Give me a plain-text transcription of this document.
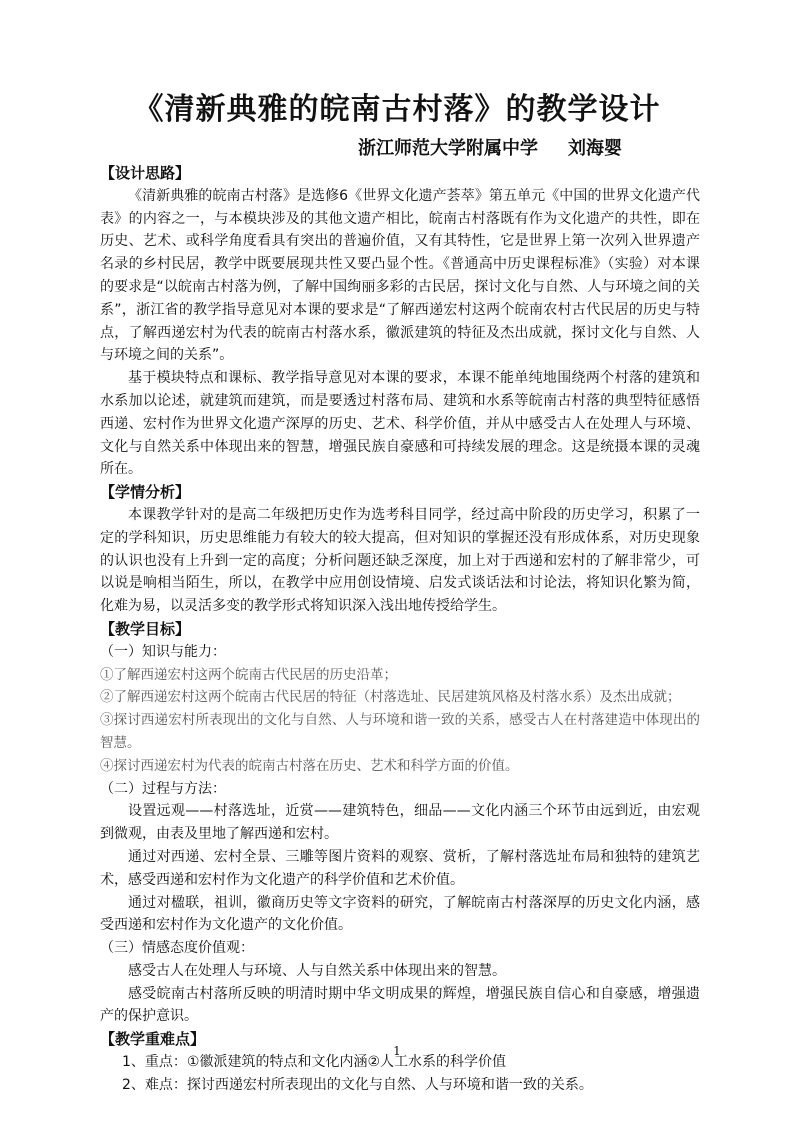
《清新典雅的皖南古村落》的教学设计
浙江师范大学附属中学 刘海婴

【设计思路】

《清新典雅的皖南古村落》是选修6《世界文化遗产荟萃》第五单元《中国的世界文化遗产代表》的内容之一，与本模块涉及的其他文遗产相比，皖南古村落既有作为文化遗产的共性，即在历史、艺术、或科学角度看具有突出的普遍价值，又有其特性，它是世界上第一次列入世界遗产名录的乡村民居，教学中既要展现共性又要凸显个性。《普通高中历史课程标准》（实验）对本课的要求是“以皖南古村落为例，了解中国绚丽多彩的古民居，探讨文化与自然、人与环境之间的关系”，浙江省的教学指导意见对本课的要求是“了解西递宏村这两个皖南农村古代民居的历史与特点，了解西递宏村为代表的皖南古村落水系，徽派建筑的特征及杰出成就，探讨文化与自然、人与环境之间的关系”。

基于模块特点和课标、教学指导意见对本课的要求，本课不能单纯地围绕两个村落的建筑和水系加以论述，就建筑而建筑，而是要透过村落布局、建筑和水系等皖南古村落的典型特征感悟西递、宏村作为世界文化遗产深厚的历史、艺术、科学价值，并从中感受古人在处理人与环境、文化与自然关系中体现出来的智慧，增强民族自豪感和可持续发展的理念。这是统摄本课的灵魂所在。

【学情分析】

本课教学针对的是高二年级把历史作为选考科目同学，经过高中阶段的历史学习，积累了一定的学科知识，历史思维能力有较大的较大提高，但对知识的掌握还没有形成体系，对历史现象的认识也没有上升到一定的高度；分析问题还缺乏深度，加上对于西递和宏村的了解非常少，可以说是响相当陌生，所以，在教学中应用创设情境、启发式谈话法和讨论法，将知识化繁为简，化难为易，以灵活多变的教学形式将知识深入浅出地传授给学生。

【教学目标】

（一）知识与能力：

①了解西递宏村这两个皖南古代民居的历史沿革；

②了解西递宏村这两个皖南古代民居的特征（村落选址、民居建筑风格及村落水系）及杰出成就；

③探讨西递宏村所表现出的文化与自然、人与环境和谐一致的关系，感受古人在村落建造中体现出的智慧。

④探讨西递宏村为代表的皖南古村落在历史、艺术和科学方面的价值。

（二）过程与方法：

设置远观——村落选址，近赏——建筑特色，细品——文化内涵三个环节由远到近，由宏观到微观，由表及里地了解西递和宏村。

通过对西递、宏村全景、三雕等图片资料的观察、赏析，了解村落选址布局和独特的建筑艺术，感受西递和宏村作为文化遗产的科学价值和艺术价值。

通过对楹联，祖训，徽商历史等文字资料的研究，了解皖南古村落深厚的历史文化内涵，感受西递和宏村作为文化遗产的文化价值。

（三）情感态度价值观：

感受古人在处理人与环境、人与自然关系中体现出来的智慧。

感受皖南古村落所反映的明清时期中华文明成果的辉煌，增强民族自信心和自豪感，增强遗产的保护意识。

【教学重难点】

1、重点：①徽派建筑的特点和文化内涵②人工水系的科学价值

2、难点：探讨西递宏村所表现出的文化与自然、人与环境和谐一致的关系。

1
